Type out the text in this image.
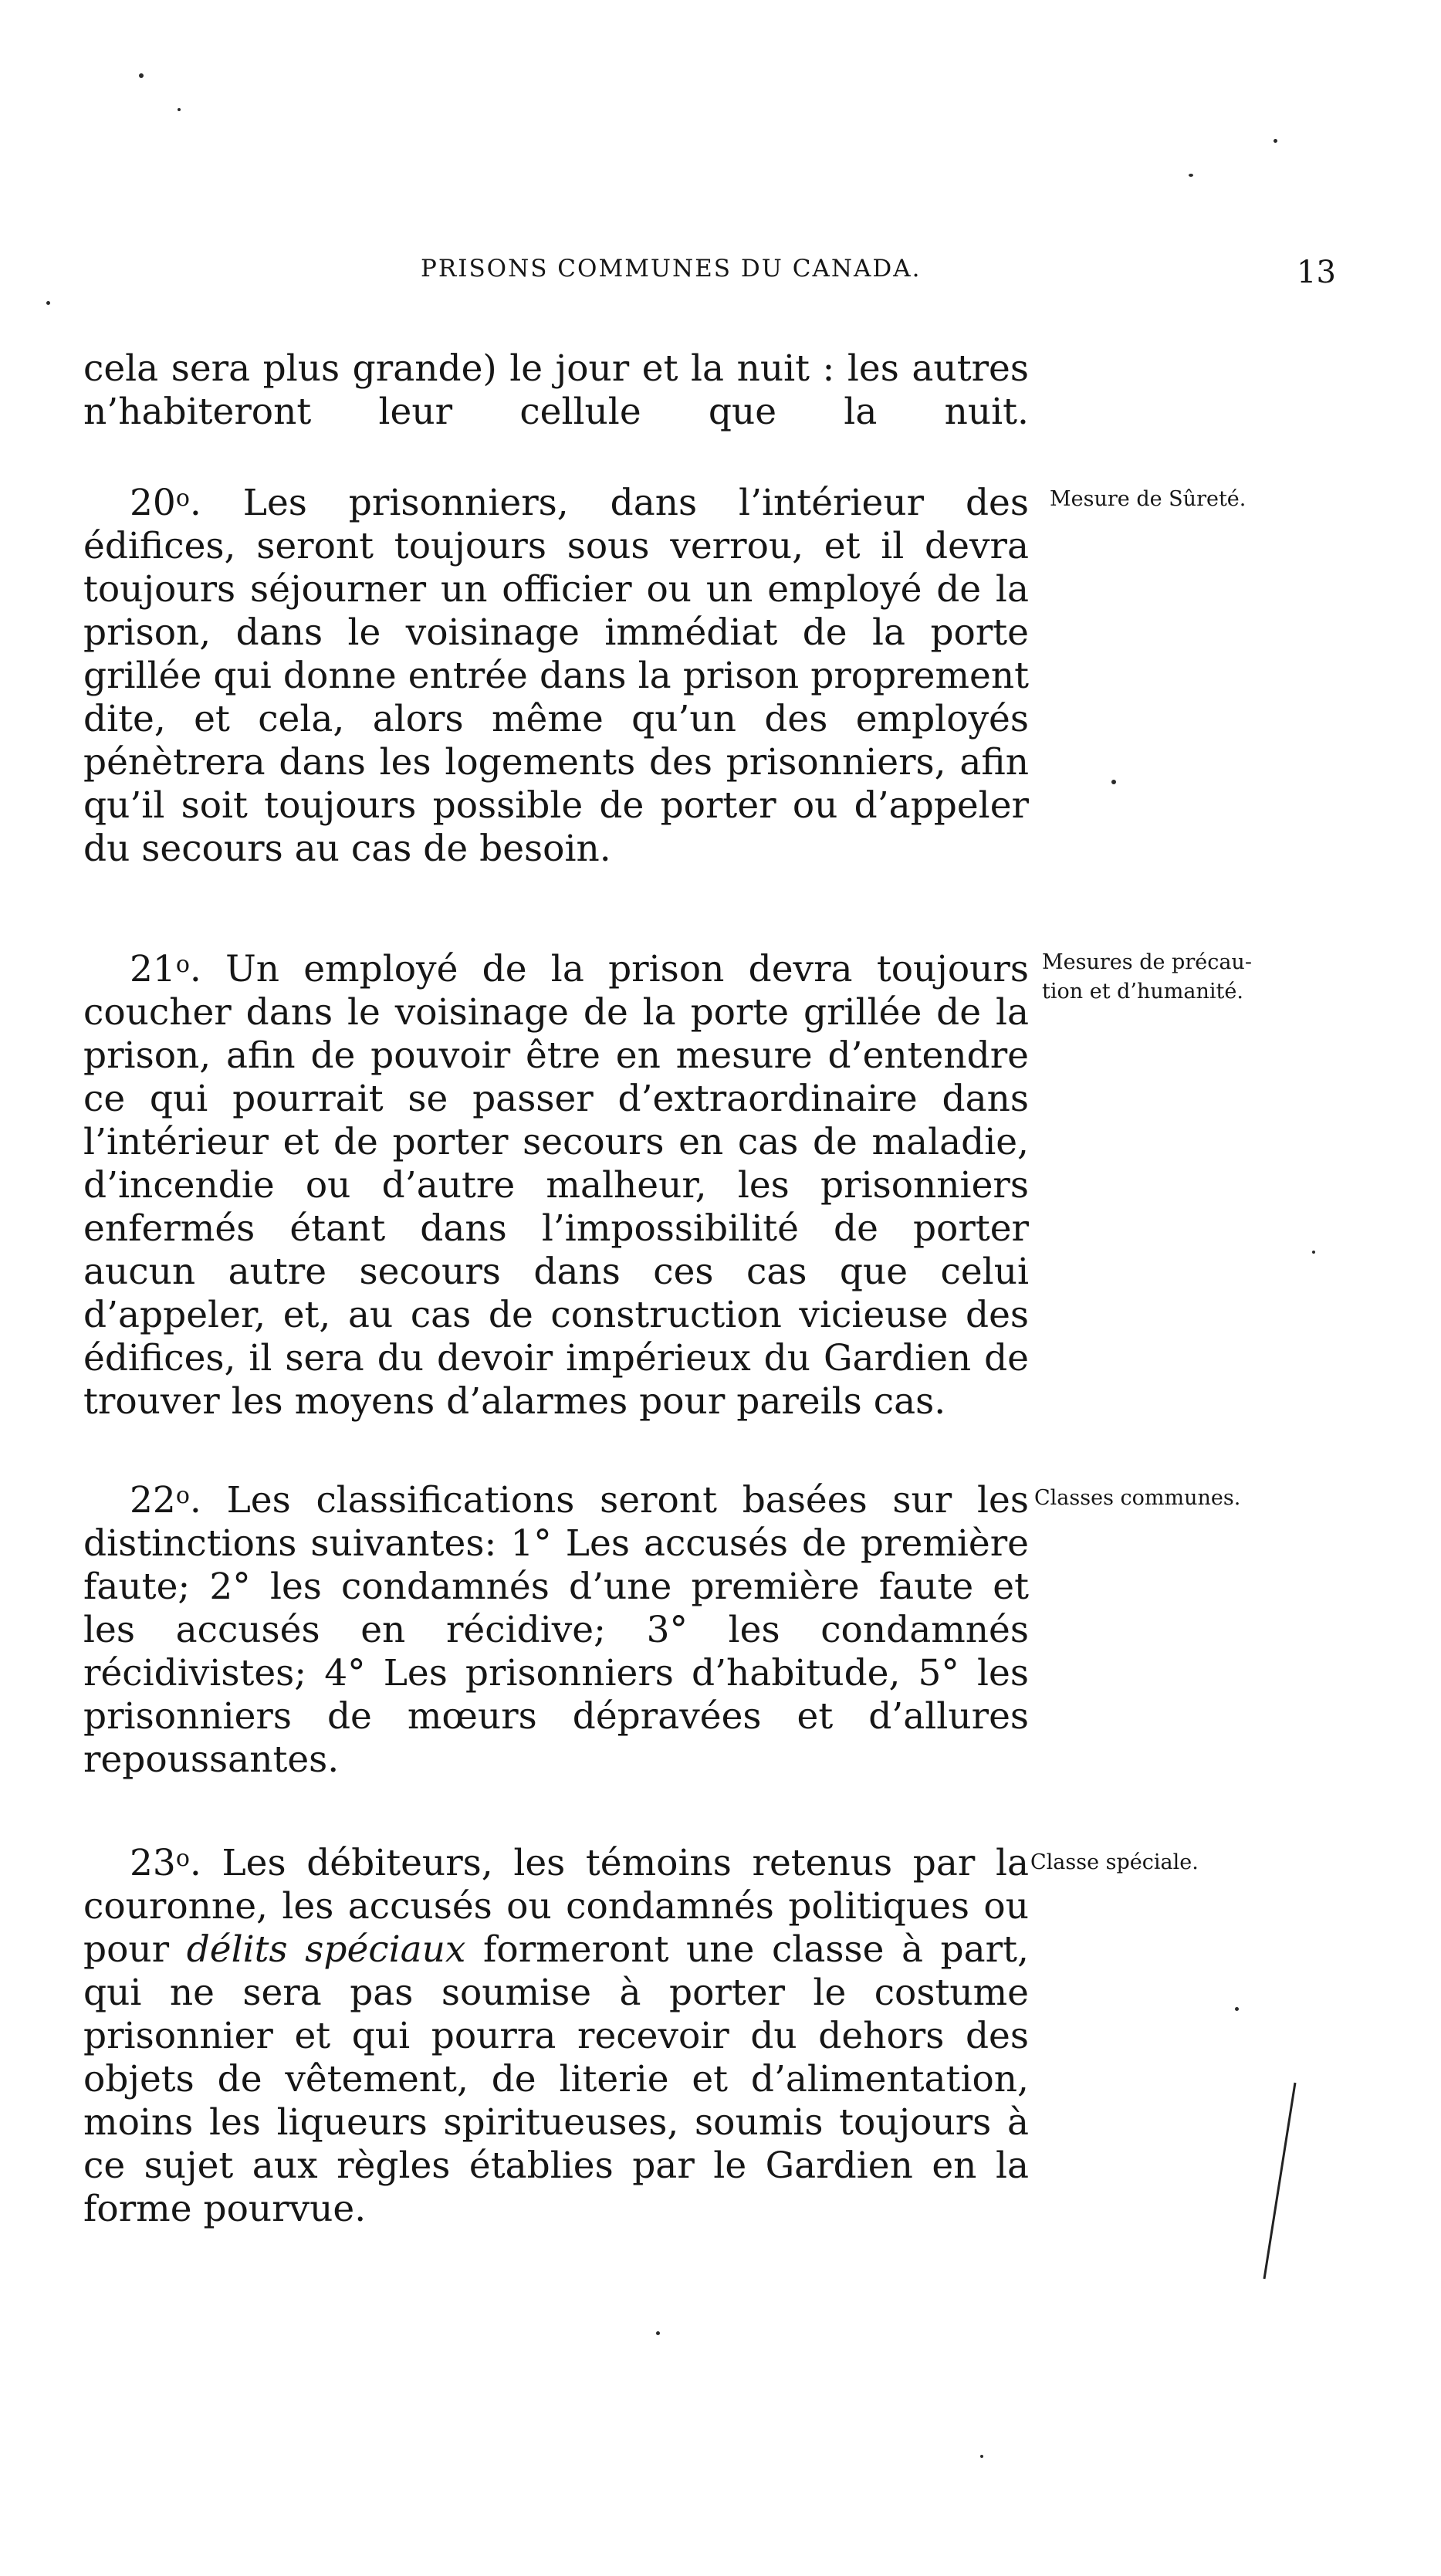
PRISONS COMMUNES DU CANADA.	13

cela sera plus grande) le jour et la nuit : les autres n’habiteront leur cellule que la nuit.

20$^o$. Les prisonniers, dans l’intérieur des édifices, seront toujours sous verrou, et il devra toujours séjourner un officier ou un employé de la prison, dans le voisinage immédiat de la porte grillée qui donne entrée dans la prison proprement dite, et cela, alors même qu’un des employés pénètrera dans les logements des prisonniers, afin qu’il soit toujours possible de porter ou d’appeler du secours au cas de besoin.

Mesure de Sûreté.

21$^o$. Un employé de la prison devra toujours coucher dans le voisinage de la porte grillée de la prison, afin de pouvoir être en mesure d’entendre ce qui pourrait se passer d’extraordinaire dans l’intérieur et de porter secours en cas de maladie, d’incendie ou d’autre malheur, les prisonniers enfermés étant dans l’impossibilité de porter aucun autre secours dans ces cas que celui d’appeler, et, au cas de construction vicieuse des édifices, il sera du devoir impérieux du Gardien de trouver les moyens d’alarmes pour pareils cas.

Mesures de précau-
tion et d’humanité.

22$^o$. Les classifications seront basées sur les distinctions suivantes: 1° Les accusés de première faute; 2° les condamnés d’une première faute et les accusés en récidive; 3° les condamnés récidivistes; 4° Les prisonniers d’habitude, 5° les prisonniers de mœurs dépravées et d’allures repoussantes.

Classes communes.

23$^o$. Les débiteurs, les témoins retenus par la couronne, les accusés ou condamnés politiques ou pour délits spéciaux formeront une classe à part, qui ne sera pas soumise à porter le costume prisonnier et qui pourra recevoir du dehors des objets de vêtement, de literie et d’alimentation, moins les liqueurs spiritueuses, soumis toujours à ce sujet aux règles établies par le Gardien en la forme pourvue.

Classe spéciale.
